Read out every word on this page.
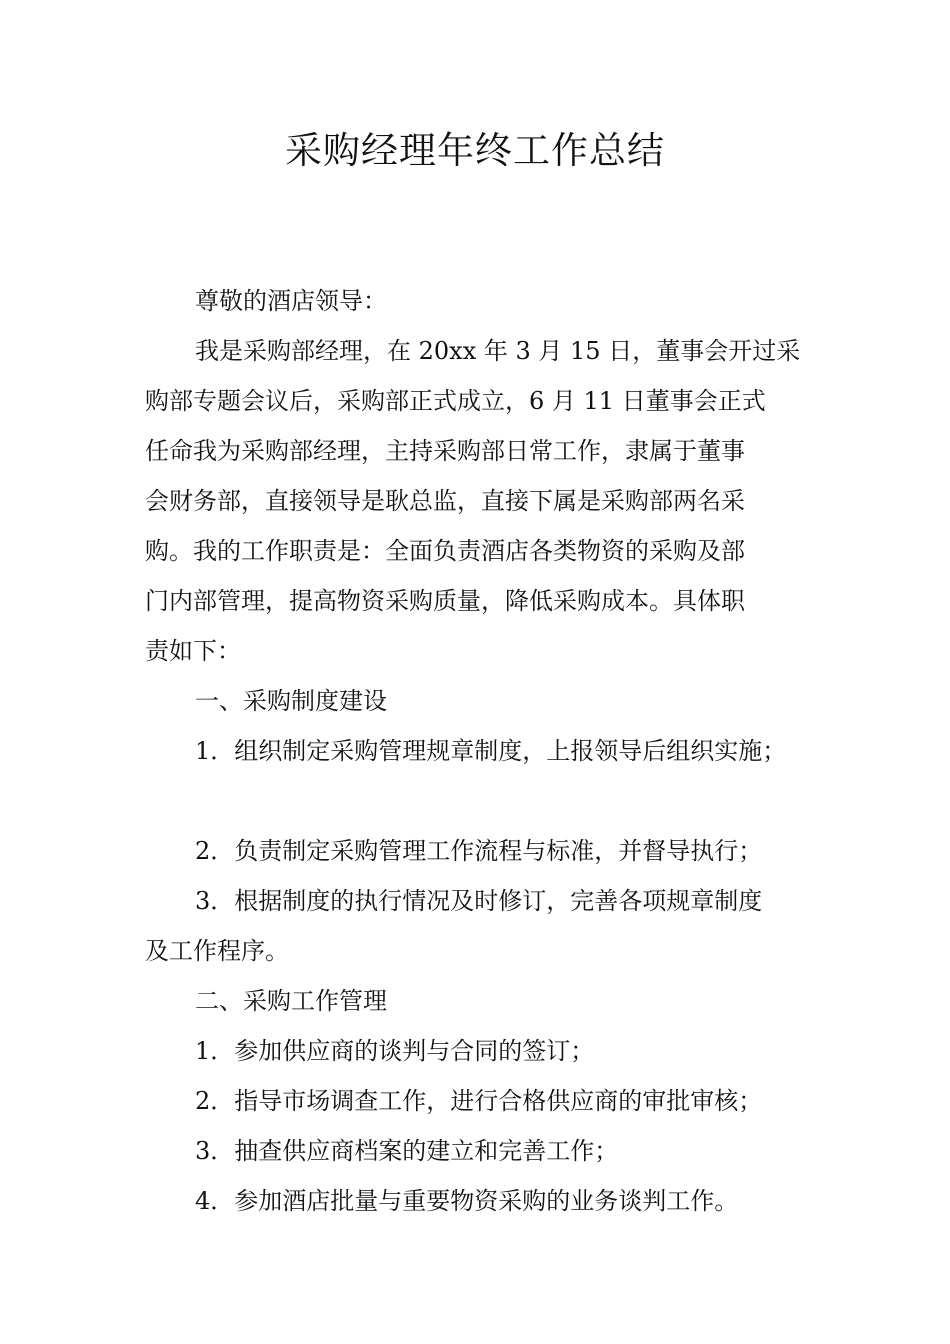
采购经理年终工作总结

尊敬的酒店领导：

我是采购部经理，在 20xx 年 3 月 15 日，董事会开过采

购部专题会议后，采购部正式成立，6 月 11 日董事会正式

任命我为采购部经理，主持采购部日常工作，隶属于董事

会财务部，直接领导是耿总监，直接下属是采购部两名采

购。我的工作职责是：全面负责酒店各类物资的采购及部

门内部管理，提高物资采购质量，降低采购成本。具体职

责如下：

一、采购制度建设

1．组织制定采购管理规章制度，上报领导后组织实施；

2．负责制定采购管理工作流程与标准，并督导执行；

3．根据制度的执行情况及时修订，完善各项规章制度

及工作程序。

二、采购工作管理

1．参加供应商的谈判与合同的签订；

2．指导市场调查工作，进行合格供应商的审批审核；

3．抽查供应商档案的建立和完善工作；

4．参加酒店批量与重要物资采购的业务谈判工作。
